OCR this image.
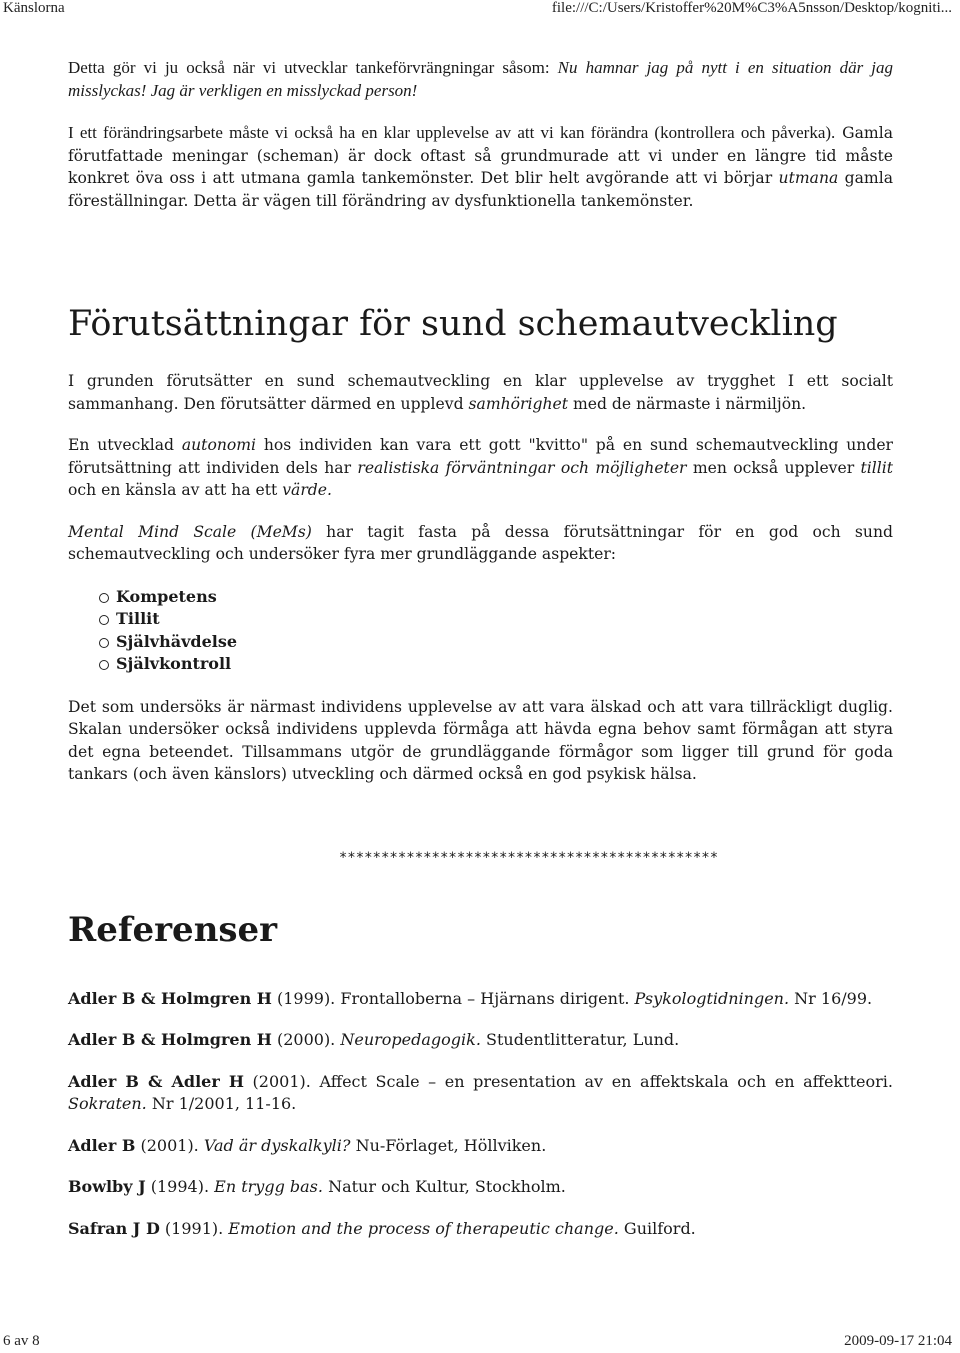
Känslorna	file:///C:/Users/Kristoffer%20M%C3%A5nsson/Desktop/kogniti...

Detta gör vi ju också när vi utvecklar tankeförvrängningar såsom: Nu hamnar jag på nytt i en situation där jag misslyckas! Jag är verkligen en misslyckad person!

I ett förändringsarbete måste vi också ha en klar upplevelse av att vi kan förändra (kontrollera och påverka). Gamla förutfattade meningar (scheman) är dock oftast så grundmurade att vi under en längre tid måste konkret öva oss i att utmana gamla tankemönster. Det blir helt avgörande att vi börjar utmana gamla föreställningar. Detta är vägen till förändring av dysfunktionella tankemönster.

Förutsättningar för sund schemautveckling

I grunden förutsätter en sund schemautveckling en klar upplevelse av trygghet I ett socialt sammanhang. Den förutsätter därmed en upplevd samhörighet med de närmaste i närmiljön.

En utvecklad autonomi hos individen kan vara ett gott "kvitto" på en sund schemautveckling under förutsättning att individen dels har realistiska förväntningar och möjligheter men också upplever tillit och en känsla av att ha ett värde.

Mental Mind Scale (MeMs) har tagit fasta på dessa förutsättningar för en god och sund schemautveckling och undersöker fyra mer grundläggande aspekter:

Kompetens
Tillit
Självhävdelse
Självkontroll

Det som undersöks är närmast individens upplevelse av att vara älskad och att vara tillräckligt duglig. Skalan undersöker också individens upplevda förmåga att hävda egna behov samt förmågan att styra det egna beteendet. Tillsammans utgör de grundläggande förmågor som ligger till grund för goda tankars (och även känslors) utveckling och därmed också en god psykisk hälsa.

*********************************************
Referenser
Adler B & Holmgren H (1999). Frontalloberna – Hjärnans dirigent. Psykologtidningen. Nr 16/99.
Adler B & Holmgren H (2000). Neuropedagogik. Studentlitteratur, Lund.
Adler B & Adler H (2001). Affect Scale – en presentation av en affektskala och en affektteori. Sokraten. Nr 1/2001, 11-16.
Adler B (2001). Vad är dyskalkyli? Nu-Förlaget, Höllviken.
Bowlby J (1994). En trygg bas. Natur och Kultur, Stockholm.
Safran J D (1991). Emotion and the process of therapeutic change. Guilford.
6 av 8	2009-09-17 21:04
